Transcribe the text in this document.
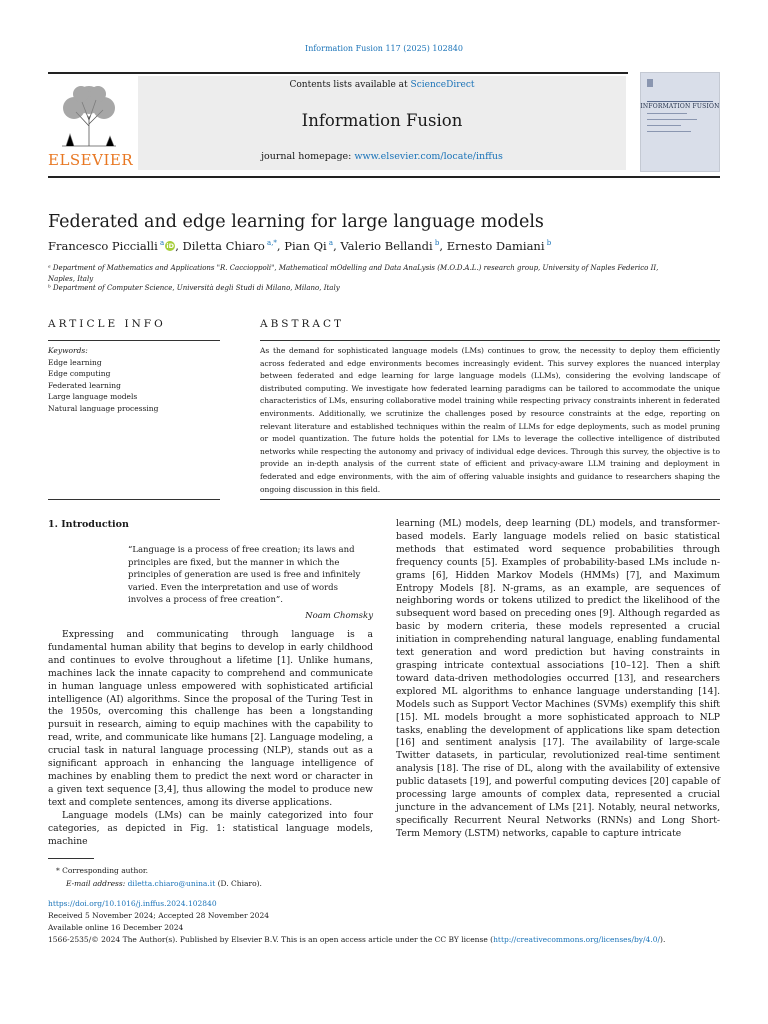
Information Fusion 117 (2025) 102840
Contents lists available at ScienceDirect
Information Fusion
journal homepage: www.elsevier.com/locate/inffus
ELSEVIER
INFORMATION FUSION
Federated and edge learning for large language models
Francesco Piccialli $^a$ iD, Diletta Chiaro $^{a,*}$, Pian Qi $^a$, Valerio Bellandi $^b$, Ernesto Damiani $^b$
ᵃ Department of Mathematics and Applications "R. Caccioppoli", Mathematical mOdelling and Data AnaLysis (M.O.D.A.L.) research group, University of Naples Federico II, Naples, Italy
ᵇ Department of Computer Science, Università degli Studi di Milano, Milano, Italy
ARTICLE INFO	ABSTRACT
Keywords:
Edge learning
Edge computing
Federated learning
Large language models
Natural language processing
As the demand for sophisticated language models (LMs) continues to grow, the necessity to deploy them efficiently across federated and edge environments becomes increasingly evident. This survey explores the nuanced interplay between federated and edge learning for large language models (LLMs), considering the evolving landscape of distributed computing. We investigate how federated learning paradigms can be tailored to accommodate the unique characteristics of LMs, ensuring collaborative model training while respecting privacy constraints inherent in federated environments. Additionally, we scrutinize the challenges posed by resource constraints at the edge, reporting on relevant literature and established techniques within the realm of LLMs for edge deployments, such as model pruning or model quantization. The future holds the potential for LMs to leverage the collective intelligence of distributed networks while respecting the autonomy and privacy of individual edge devices. Through this survey, the objective is to provide an in-depth analysis of the current state of efficient and privacy-aware LLM training and deployment in federated and edge environments, with the aim of offering valuable insights and guidance to researchers shaping the ongoing discussion in this field.
1. Introduction
“Language is a process of free creation; its laws and principles are fixed, but the manner in which the principles of generation are used is free and infinitely varied. Even the interpretation and use of words involves a process of free creation”.
Noam Chomsky

Expressing and communicating through language is a fundamental human ability that begins to develop in early childhood and continues to evolve throughout a lifetime [1]. Unlike humans, machines lack the innate capacity to comprehend and communicate in human language unless empowered with sophisticated artificial intelligence (AI) algorithms. Since the proposal of the Turing Test in the 1950s, overcoming this challenge has been a longstanding pursuit in research, aiming to equip machines with the capability to read, write, and communicate like humans [2]. Language modeling, a crucial task in natural language processing (NLP), stands out as a significant approach in enhancing the language intelligence of machines by enabling them to predict the next word or character in a given text sequence [3,4], thus allowing the model to produce new text and complete sentences, among its diverse applications.

Language models (LMs) can be mainly categorized into four categories, as depicted in Fig. 1: statistical language models, machine

learning (ML) models, deep learning (DL) models, and transformer-based models. Early language models relied on basic statistical methods that estimated word sequence probabilities through frequency counts [5]. Examples of probability-based LMs include n-grams [6], Hidden Markov Models (HMMs) [7], and Maximum Entropy Models [8]. N-grams, as an example, are sequences of neighboring words or tokens utilized to predict the likelihood of the subsequent word based on preceding ones [9]. Although regarded as basic by modern criteria, these models represented a crucial initiation in comprehending natural language, enabling fundamental text generation and word prediction but having constraints in grasping intricate contextual associations [10–12]. Then a shift toward data-driven methodologies occurred [13], and researchers explored ML algorithms to enhance language understanding [14]. Models such as Support Vector Machines (SVMs) exemplify this shift [15]. ML models brought a more sophisticated approach to NLP tasks, enabling the development of applications like spam detection [16] and sentiment analysis [17]. The availability of large-scale Twitter datasets, in particular, revolutionized real-time sentiment analysis [18]. The rise of DL, along with the availability of extensive public datasets [19], and powerful computing devices [20] capable of processing large amounts of complex data, represented a crucial juncture in the advancement of LMs [21]. Notably, neural networks, specifically Recurrent Neural Networks (RNNs) and Long Short-Term Memory (LSTM) networks, capable to capture intricate

* Corresponding author.
E-mail address: diletta.chiaro@unina.it (D. Chiaro).
https://doi.org/10.1016/j.inffus.2024.102840
Received 5 November 2024; Accepted 28 November 2024
Available online 16 December 2024
1566-2535/© 2024 The Author(s). Published by Elsevier B.V. This is an open access article under the CC BY license (http://creativecommons.org/licenses/by/4.0/).
